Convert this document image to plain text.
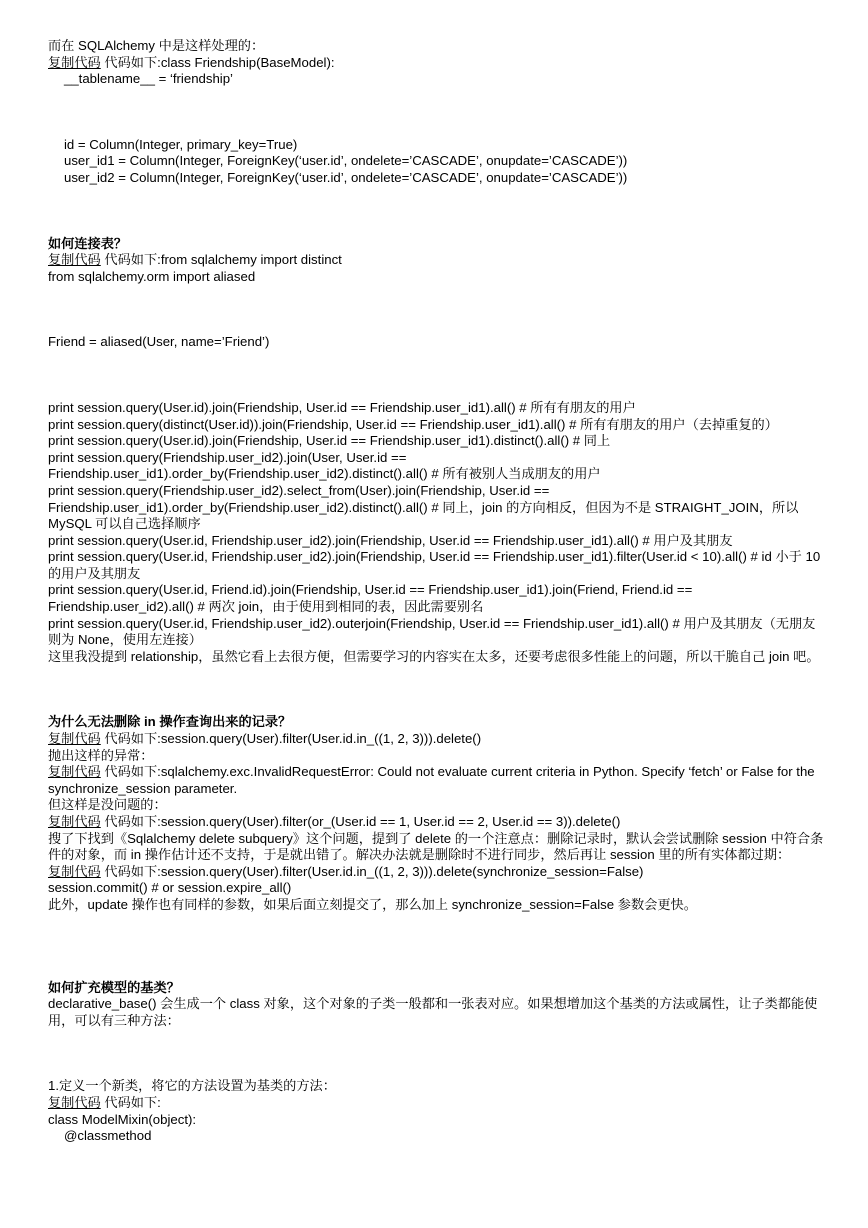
而在 SQLAlchemy 中是这样处理的：
复制代码 代码如下:class Friendship(BaseModel):
__tablename__ = ‘friendship’
id = Column(Integer, primary_key=True)
user_id1 = Column(Integer, ForeignKey(‘user.id’, ondelete=’CASCADE’, onupdate=’CASCADE’))
user_id2 = Column(Integer, ForeignKey(‘user.id’, ondelete=’CASCADE’, onupdate=’CASCADE’))
如何连接表？
复制代码 代码如下:from sqlalchemy import distinct
from sqlalchemy.orm import aliased
Friend = aliased(User, name=’Friend’)
print session.query(User.id).join(Friendship, User.id == Friendship.user_id1).all() # 所有有朋友的用户
print session.query(distinct(User.id)).join(Friendship, User.id == Friendship.user_id1).all() # 所有有朋友的用户（去掉重复的）
print session.query(User.id).join(Friendship, User.id == Friendship.user_id1).distinct().all() # 同上
print session.query(Friendship.user_id2).join(User, User.id ==
Friendship.user_id1).order_by(Friendship.user_id2).distinct().all() # 所有被别人当成朋友的用户
print session.query(Friendship.user_id2).select_from(User).join(Friendship, User.id ==
Friendship.user_id1).order_by(Friendship.user_id2).distinct().all() # 同上，join 的方向相反，但因为不是 STRAIGHT_JOIN，所以 MySQL 可以自己选择顺序
print session.query(User.id, Friendship.user_id2).join(Friendship, User.id == Friendship.user_id1).all() # 用户及其朋友
print session.query(User.id, Friendship.user_id2).join(Friendship, User.id == Friendship.user_id1).filter(User.id < 10).all() # id 小于 10 的用户及其朋友
print session.query(User.id, Friend.id).join(Friendship, User.id == Friendship.user_id1).join(Friend, Friend.id ==
Friendship.user_id2).all() # 两次 join，由于使用到相同的表，因此需要别名
print session.query(User.id, Friendship.user_id2).outerjoin(Friendship, User.id == Friendship.user_id1).all() # 用户及其朋友（无朋友则为 None，使用左连接）
这里我没提到 relationship，虽然它看上去很方便，但需要学习的内容实在太多，还要考虑很多性能上的问题，所以干脆自己 join 吧。
为什么无法删除 in 操作查询出来的记录？
复制代码 代码如下:session.query(User).filter(User.id.in_((1, 2, 3))).delete()
抛出这样的异常：
复制代码 代码如下:sqlalchemy.exc.InvalidRequestError: Could not evaluate current criteria in Python. Specify ‘fetch’ or False for the synchronize_session parameter.
但这样是没问题的：
复制代码 代码如下:session.query(User).filter(or_(User.id == 1, User.id == 2, User.id == 3)).delete()
搜了下找到《Sqlalchemy delete subquery》这个问题，提到了 delete 的一个注意点：删除记录时，默认会尝试删除 session 中符合条件的对象，而 in 操作估计还不支持，于是就出错了。解决办法就是删除时不进行同步，然后再让 session 里的所有实体都过期：
复制代码 代码如下:session.query(User).filter(User.id.in_((1, 2, 3))).delete(synchronize_session=False)
session.commit() # or session.expire_all()
此外，update 操作也有同样的参数，如果后面立刻提交了，那么加上 synchronize_session=False 参数会更快。
如何扩充模型的基类？
declarative_base() 会生成一个 class 对象，这个对象的子类一般都和一张表对应。如果想增加这个基类的方法或属性，让子类都能使用，可以有三种方法：
1.定义一个新类，将它的方法设置为基类的方法：
复制代码 代码如下:
class ModelMixin(object):
@classmethod
